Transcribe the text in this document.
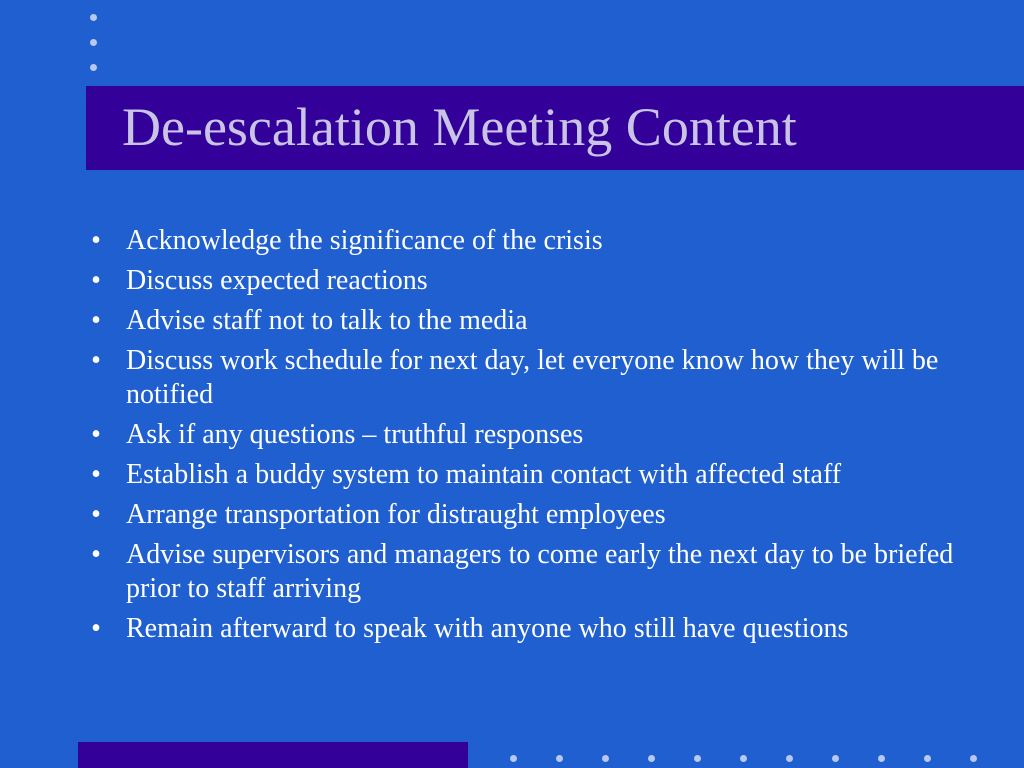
De-escalation Meeting Content
• Acknowledge the significance of the crisis
• Discuss expected reactions
• Advise staff not to talk to the media
• Discuss work schedule for next day, let everyone know how they will be notified
• Ask if any questions – truthful responses
• Establish a buddy system to maintain contact with affected staff
• Arrange transportation for distraught employees
• Advise supervisors and managers to come early the next day to be briefed prior to staff arriving
• Remain afterward to speak with anyone who still have questions
